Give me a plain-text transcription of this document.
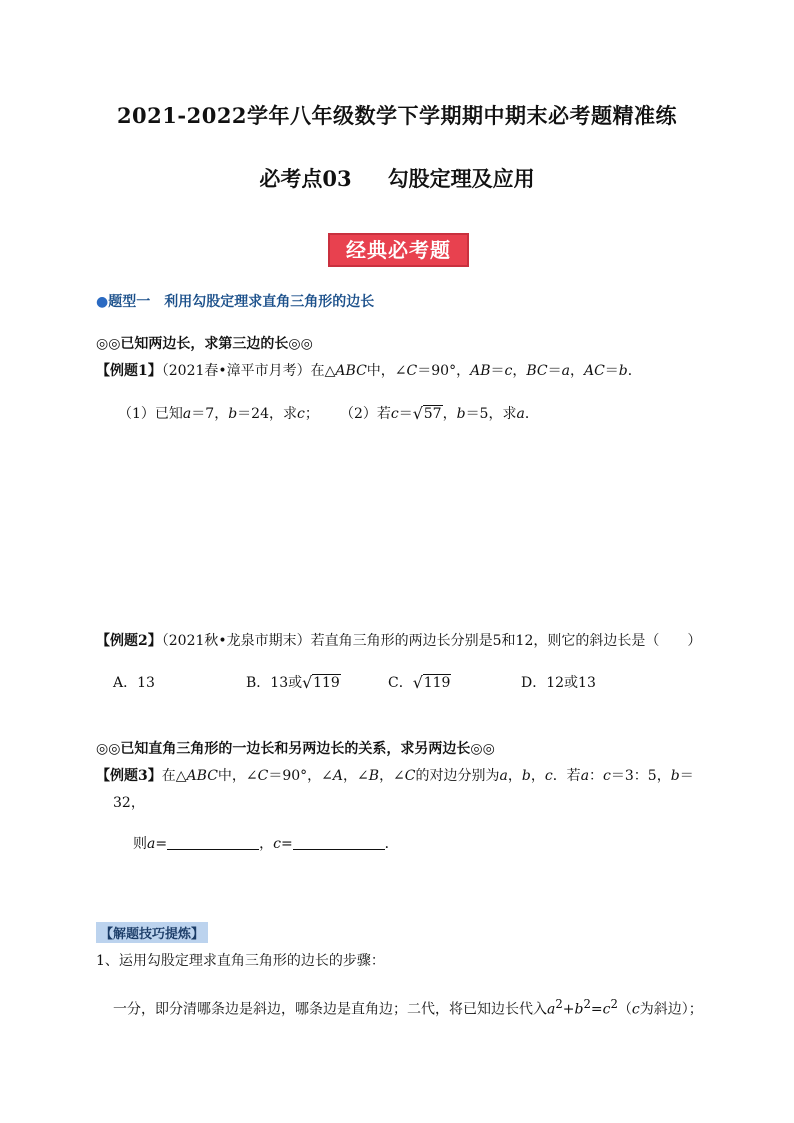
2021-2022学年八年级数学下学期期中期末必考题精准练
必考点03 勾股定理及应用
经典必考题
●题型一 利用勾股定理求直角三角形的边长
◎◎已知两边长，求第三边的长◎◎
【例题1】（2021春•漳平市月考）在△ABC中，∠C＝90°，AB＝c，BC＝a，AC＝b．
（1）已知a＝7，b＝24，求c； （2）若c＝ √ 57，b＝5，求a．
【例题2】（2021秋•龙泉市期末）若直角三角形的两边长分别是5和12，则它的斜边长是（　　）
A．13	B．13或 √ 119	C． √ 119	D．12或13
◎◎已知直角三角形的一边长和另两边长的关系，求另两边长◎◎
【例题3】在△ABC中，∠C＝90°，∠A，∠B，∠C的对边分别为a，b，c．若a：c＝3：5，b＝
32，
则a=	，c=	．
【解题技巧提炼】
1、运用勾股定理求直角三角形的边长的步骤：
一分，即分清哪条边是斜边，哪条边是直角边；二代，将已知边长代入$a^2+b^2=c^2(c$为斜边）；
